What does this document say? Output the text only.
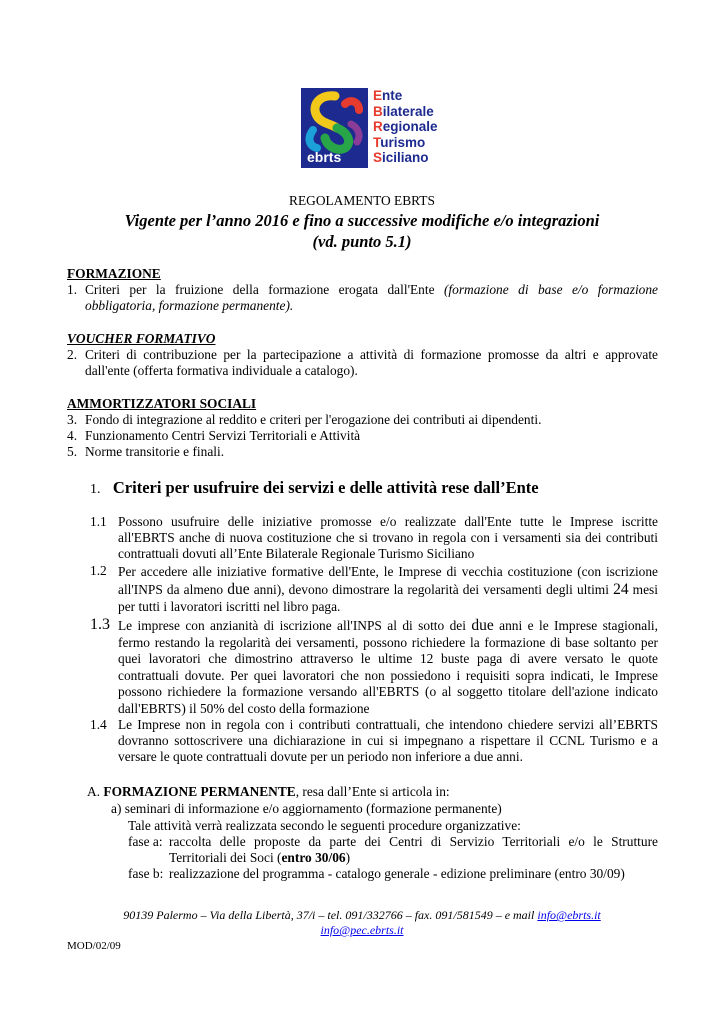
ebrts
Ente
Bilaterale
Regionale
Turismo
Siciliano
REGOLAMENTO EBRTS
Vigente per l’anno 2016 e fino a successive modifiche e/o integrazioni
(vd. punto 5.1)
FORMAZIONE
1. Criteri per la fruizione della formazione erogata dall'Ente (formazione di base e/o formazione obbligatoria, formazione permanente).
VOUCHER FORMATIVO
2. Criteri di contribuzione per la partecipazione a attività di formazione promosse da altri e approvate dall'ente (offerta formativa individuale a catalogo).
AMMORTIZZATORI SOCIALI
3. Fondo di integrazione al reddito e criteri per l'erogazione dei contributi ai dipendenti.
4. Funzionamento Centri Servizi Territoriali e Attività
5. Norme transitorie e finali.
1. Criteri per usufruire dei servizi e delle attività rese dall’Ente
1.1 Possono usufruire delle iniziative promosse e/o realizzate dall'Ente tutte le Imprese iscritte all'EBRTS anche di nuova costituzione che si trovano in regola con i versamenti sia dei contributi contrattuali dovuti all’Ente Bilaterale Regionale Turismo Siciliano
1.2 Per accedere alle iniziative formative dell'Ente, le Imprese di vecchia costituzione (con iscrizione all'INPS da almeno due anni), devono dimostrare la regolarità dei versamenti degli ultimi 24 mesi per tutti i lavoratori iscritti nel libro paga.
1.3 Le imprese con anzianità di iscrizione all'INPS al di sotto dei due anni e le Imprese stagionali, fermo restando la regolarità dei versamenti, possono richiedere la formazione di base soltanto per quei lavoratori che dimostrino attraverso le ultime 12 buste paga di avere versato le quote contrattuali dovute. Per quei lavoratori che non possiedono i requisiti sopra indicati, le Imprese possono richiedere la formazione versando all'EBRTS (o al soggetto titolare dell'azione indicato dall'EBRTS) il 50% del costo della formazione
1.4 Le Imprese non in regola con i contributi contrattuali, che intendono chiedere servizi all’EBRTS dovranno sottoscrivere una dichiarazione in cui si impegnano a rispettare il CCNL Turismo e a versare le quote contrattuali dovute per un periodo non inferiore a due anni.
A. FORMAZIONE PERMANENTE, resa dall’Ente si articola in:
a) seminari di informazione e/o aggiornamento (formazione permanente)
Tale attività verrà realizzata secondo le seguenti procedure organizzative:
fase a: raccolta delle proposte da parte dei Centri di Servizio Territoriali e/o le Strutture Territoriali dei Soci (entro 30/06)
fase b: realizzazione del programma - catalogo generale - edizione preliminare (entro 30/09)
90139 Palermo – Via della Libertà, 37/i – tel. 091/332766 – fax. 091/581549 – e mail info@ebrts.it
info@pec.ebrts.it
MOD/02/09
